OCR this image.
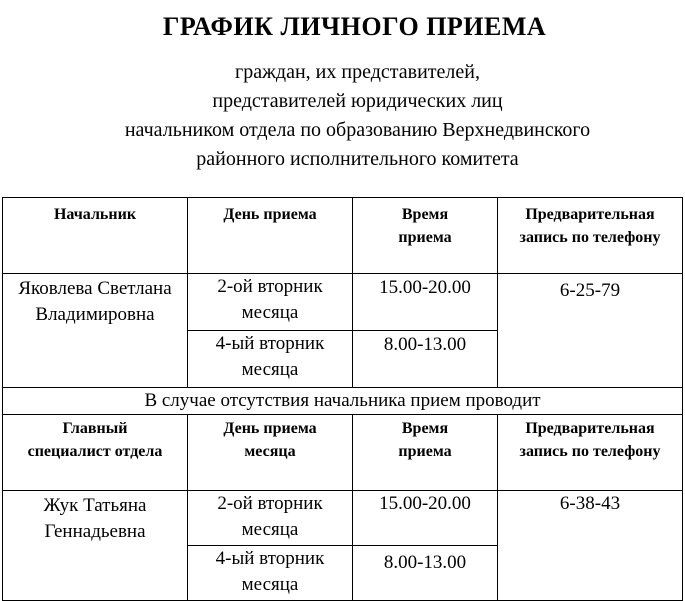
ГРАФИК ЛИЧНОГО ПРИЕМА
граждан, их представителей,
представителей юридических лиц
начальником отдела по образованию Верхнедвинского
районного исполнительного комитета
Начальник	День приема	Время приема	Предварительная запись по телефону
Яковлева Светлана Владимировна	2-ой вторник месяца	15.00-20.00	6-25-79
	4-ый вторник месяца	8.00-13.00	
В случае отсутствия начальника прием проводит			
Главный специалист отдела	День приема месяца	Время приема	Предварительная запись по телефону
Жук Татьяна Геннадьевна	2-ой вторник месяца	15.00-20.00	6-38-43
	4-ый вторник месяца	8.00-13.00	
